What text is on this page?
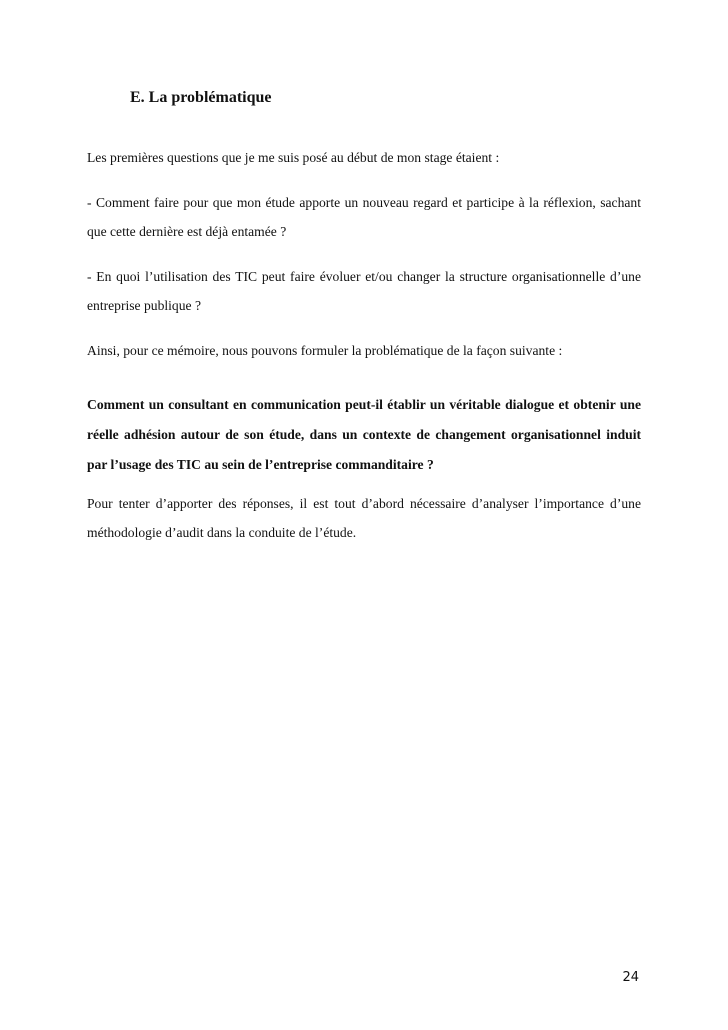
E. La problématique

Les premières questions que je me suis posé au début de mon stage étaient :

- Comment faire pour que mon étude apporte un nouveau regard et participe à la réflexion, sachant que cette dernière est déjà entamée ?

- En quoi l’utilisation des TIC peut faire évoluer et/ou changer la structure organisationnelle d’une entreprise publique ?

Ainsi, pour ce mémoire, nous pouvons formuler la problématique de la façon suivante :

Comment un consultant en communication peut-il établir un véritable dialogue et obtenir une réelle adhésion autour de son étude, dans un contexte de changement organisationnel induit par l’usage des TIC au sein de l’entreprise commanditaire ?

Pour tenter d’apporter des réponses, il est tout d’abord nécessaire d’analyser l’importance d’une méthodologie d’audit dans la conduite de l’étude.

24
